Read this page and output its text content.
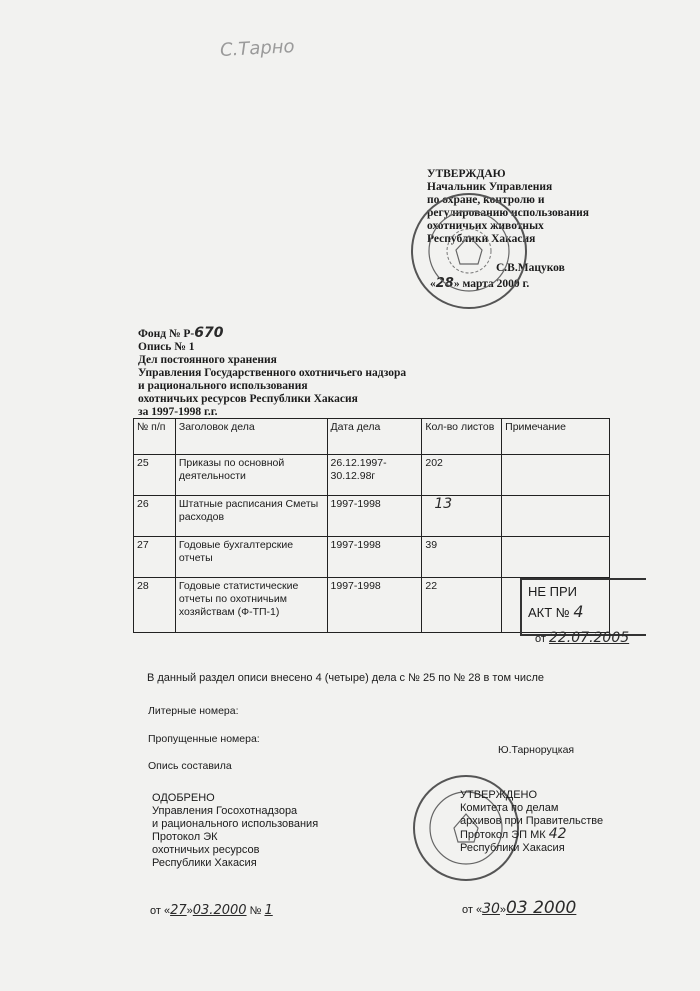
С.Тарно
УТВЕРЖДАЮ
Начальник Управления
по охране, контролю и
регулированию использования
охотничьих животных
Республики Хакасия
С.В.Мацуков
«28» марта 2000 г.
Фонд № Р-670
Опись № 1
Дел постоянного хранения
Управления Государственного охотничьего надзора
и рационального использования
охотничьих ресурсов Республики Хакасия
за 1997-1998 г.г.
№ п/п	Заголовок дела	Дата дела	Кол-во листов	Примечание
25	Приказы по основной деятельности	26.12.1997-30.12.98г	202	
26	Штатные расписания Сметы расходов	1997-1998	13	
27	Годовые бухгалтерские отчеты	1997-1998	39	
28	Годовые статистические отчеты по охотничьим хозяйствам (Ф-ТП-1)	1997-1998	22		НЕ ПРИ
АКТ № 4
от 22.07.2005
В данный раздел описи внесено 4 (четыре) дела с № 25 по № 28 в том числе
Литерные номера:
Пропущенные номера:
Опись составила
Ю.Тарноруцкая
ОДОБРЕНО
Управления Госохотнадзора
и рационального использования
Протокол ЭК
охотничьих ресурсов
Республики Хакасия
от «27»03.2000 № 1
УТВЕРЖДЕНО
Комитета по делам
архивов при Правительстве
Протокол ЭП МК 42
Республики Хакасия
от «30»03 2000
